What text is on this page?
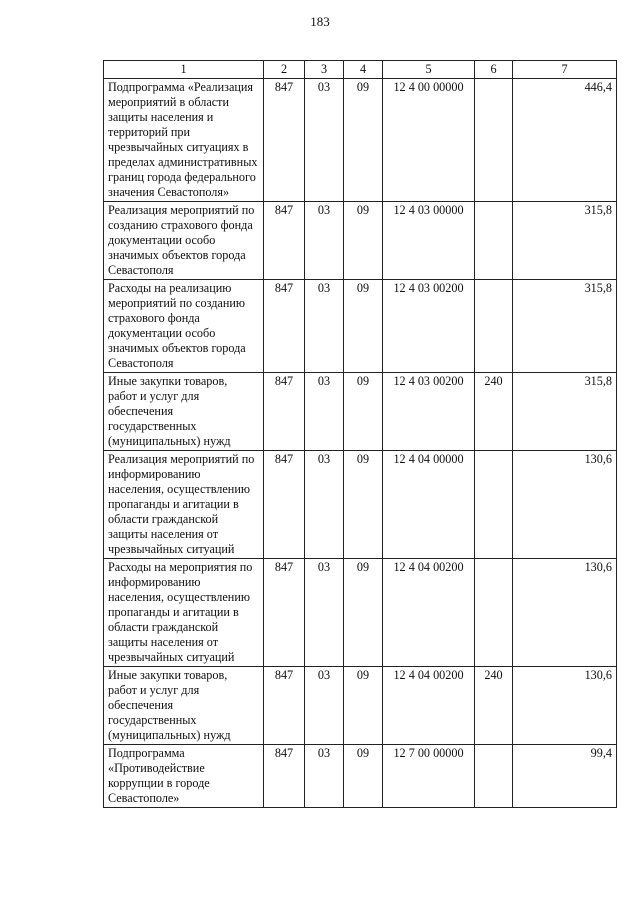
183
1	2	3	4	5	6	7
Подпрограмма «Реализация мероприятий в области защиты населения и территорий при чрезвычайных ситуациях в пределах административных границ города федерального значения Севастополя»	847	03	09	12 4 00 00000		446,4
Реализация мероприятий по созданию страхового фонда документации особо значимых объектов города Севастополя	847	03	09	12 4 03 00000		315,8
Расходы на реализацию мероприятий по созданию страхового фонда документации особо значимых объектов города Севастополя	847	03	09	12 4 03 00200		315,8
Иные закупки товаров, работ и услуг для обеспечения государственных (муниципальных) нужд	847	03	09	12 4 03 00200	240	315,8
Реализация мероприятий по информированию населения, осуществлению пропаганды и агитации в области гражданской защиты населения от чрезвычайных ситуаций	847	03	09	12 4 04 00000		130,6
Расходы на мероприятия по информированию населения, осуществлению пропаганды и агитации в области гражданской защиты населения от чрезвычайных ситуаций	847	03	09	12 4 04 00200		130,6
Иные закупки товаров, работ и услуг для обеспечения государственных (муниципальных) нужд	847	03	09	12 4 04 00200	240	130,6
Подпрограмма «Противодействие коррупции в городе Севастополе»	847	03	09	12 7 00 00000		99,4
